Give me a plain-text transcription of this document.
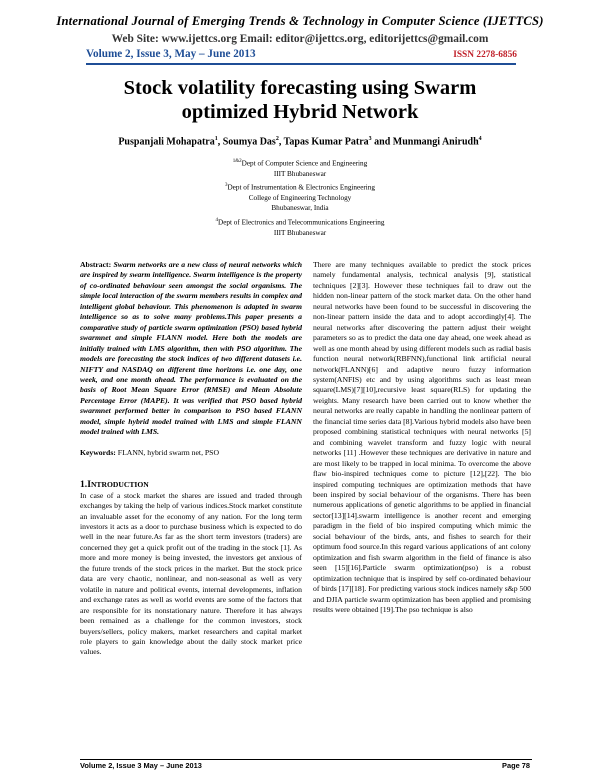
International Journal of Emerging Trends & Technology in Computer Science (IJETTCS)
Web Site: www.ijettcs.org Email: editor@ijettcs.org, editorijettcs@gmail.com
Volume 2, Issue 3, May – June 2013	ISSN 2278-6856
Stock volatility forecasting using Swarm
optimized Hybrid Network
Puspanjali Mohapatra$^1$, Soumya Das$^2$, Tapas Kumar Patra$^3$ and Munmangi Anirudh$^4$
$^{1\&2}$Dept of Computer Science and Engineering
IIIT Bhubaneswar
$^3$Dept of Instrumentation & Electronics Engineering
College of Engineering Technology
Bhubaneswar, India
$^4$Dept of Electronics and Telecommunications Engineering
IIIT Bhubaneswar

Abstract: Swarm networks are a new class of neural networks which are inspired by swarm intelligence. Swarm intelligence is the property of co-ordinated behaviour seen amongst the social organisms. The simple local interaction of the swarm members results in complex and intelligent global behaviour. This phenomenon is adapted in swarm intelligence so as to solve many problems.This paper presents a comparative study of particle swarm optimization (PSO) based hybrid swarmnet and simple FLANN model. Here both the models are initially trained with LMS algorithm, then with PSO algorithm. The models are forecasting the stock indices of two different datasets i.e. NIFTY and NASDAQ on different time horizons i.e. one day, one week, and one month ahead. The performance is evaluated on the basis of Root Mean Square Error (RMSE) and Mean Absolute Percentage Error (MAPE). It was verified that PSO based hybrid swarmnet performed better in comparison to PSO based FLANN model, simple hybrid model trained with LMS and simple FLANN model trained with LMS.

Keywords: FLANN, hybrid swarm net, PSO

1.INTRODUCTION

In case of a stock market the shares are issued and traded through exchanges by taking the help of various indices.Stock market constitute an invaluable asset for the economy of any nation. For the long term investors it acts as a door to purchase business which is expected to do well in the near future.As far as the short term investors (traders) are concerned they get a quick profit out of the trading in the stock [1]. As more and more money is being invested, the investors get anxious of the future trends of the stock prices in the market. But the stock price data are very chaotic, nonlinear, and non-seasonal as well as very volatile in nature and political events, internal developments, inflation and exchange rates as well as world events are some of the factors that are responsible for its nonstationary nature. Therefore it has always been remained as a challenge for the common investors, stock buyers/sellers, policy makers, market researchers and capital market role players to gain knowledge about the daily stock market price values.

There are many techniques available to predict the stock prices namely fundamental analysis, technical analysis [9], statistical techniques [2][3]. However these techniques fail to draw out the hidden non-linear pattern of the stock market data. On the other hand neural networks have been found to be successful in discovering the non-linear pattern inside the data and to adopt accordingly[4]. The neural networks after discovering the pattern adjust their weight parameters so as to predict the data one day ahead, one week ahead as well as one month ahead by using different models such as radial basis function neural network(RBFNN),functional link artificial neural network(FLANN)[6] and adaptive neuro fuzzy information system(ANFIS) etc and by using algorithms such as least mean square(LMS)[7][10],recursive least square(RLS) for updating the weights. Many research have been carried out to know whether the neural networks are really capable in handling the nonlinear pattern of the financial time series data [8].Various hybrid models also have been proposed combining statistical techniques with neural networks [5] and combining wavelet transform and fuzzy logic with neural networks [11] .However these techniques are derivative in nature and are most likely to be trapped in local minima. To overcome the above flaw bio-inspired techniques come to picture [12],[22]. The bio inspired computing techniques are optimization methods that have been inspired by social behaviour of the organisms. There has been numerous applications of genetic algorithms to be applied in financial sector[13][14].swarm intelligence is another recent and emerging paradigm in the field of bio inspired computing which mimic the social behaviour of the birds, ants, and fishes to search for their optimum food source.In this regard various applications of ant colony optimization and fish swarm algorithm in the field of finance is also seen [15][16].Particle swarm optimization(pso) is a robust optimization technique that is inspired by self co-ordinated behaviour of birds [17][18]. For predicting various stock indices namely s&p 500 and DJIA particle swarm optimization has been applied and promising results were obtained [19].The pso technique is also

Volume 2, Issue 3 May – June 2013	Page 78
